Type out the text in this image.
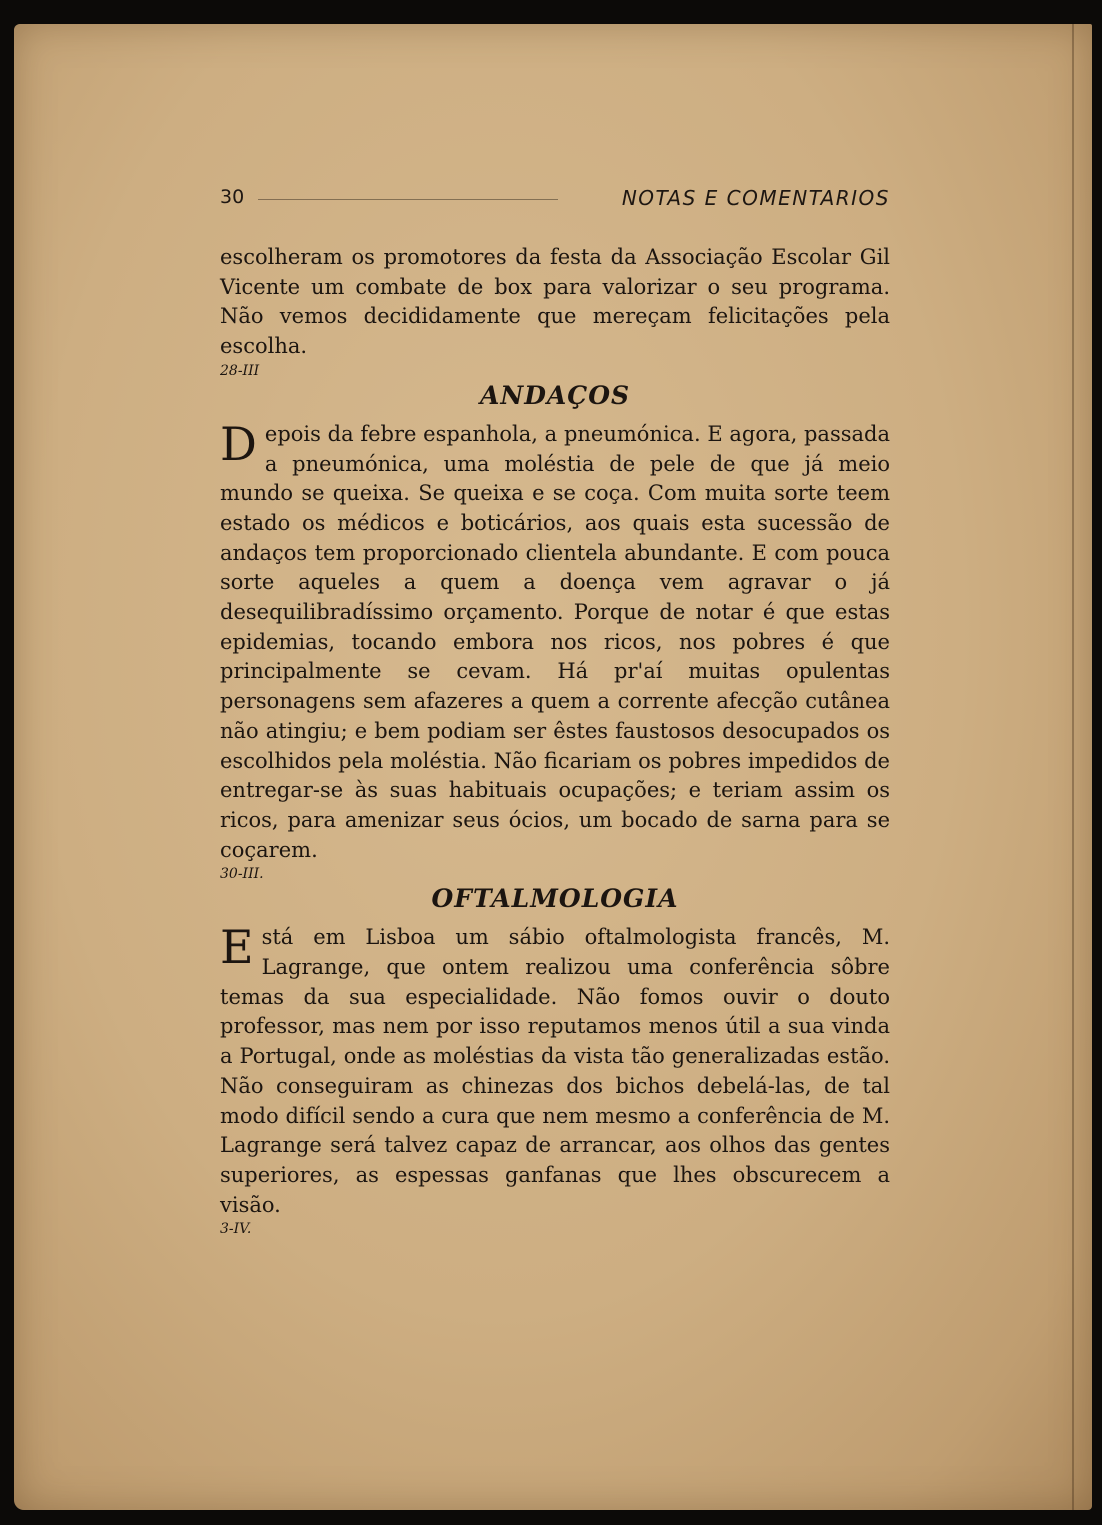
30	NOTAS E COMENTARIOS

escolheram os promotores da festa da Associação Escolar Gil Vicente um combate de box para valorizar o seu programa. Não vemos decididamente que mereçam felicitações pela escolha.

28-III

ANDAÇOS

D epois da febre espanhola, a pneumónica. E agora, passada a pneumónica, uma moléstia de pele de que já meio mundo se queixa. Se queixa e se coça. Com muita sorte teem estado os médicos e boticários, aos quais esta sucessão de andaços tem proporcionado clientela abundante. E com pouca sorte aqueles a quem a doença vem agravar o já desequilibradíssimo orçamento. Porque de notar é que estas epidemias, tocando embora nos ricos, nos pobres é que principalmente se cevam. Há pr'aí muitas opulentas personagens sem afazeres a quem a corrente afecção cutânea não atingiu; e bem podiam ser êstes faustosos desocupados os escolhidos pela moléstia. Não ficariam os pobres impedidos de entregar-se às suas habituais ocupações; e teriam assim os ricos, para amenizar seus ócios, um bocado de sarna para se coçarem.

30-III.

OFTALMOLOGIA

E stá em Lisboa um sábio oftalmologista francês, M. Lagrange, que ontem realizou uma conferência sôbre temas da sua especialidade. Não fomos ouvir o douto professor, mas nem por isso reputamos menos útil a sua vinda a Portugal, onde as moléstias da vista tão generalizadas estão. Não conseguiram as chinezas dos bichos debelá-las, de tal modo difícil sendo a cura que nem mesmo a conferência de M. Lagrange será talvez capaz de arrancar, aos olhos das gentes superiores, as espessas ganfanas que lhes obscurecem a visão.

3-IV.
